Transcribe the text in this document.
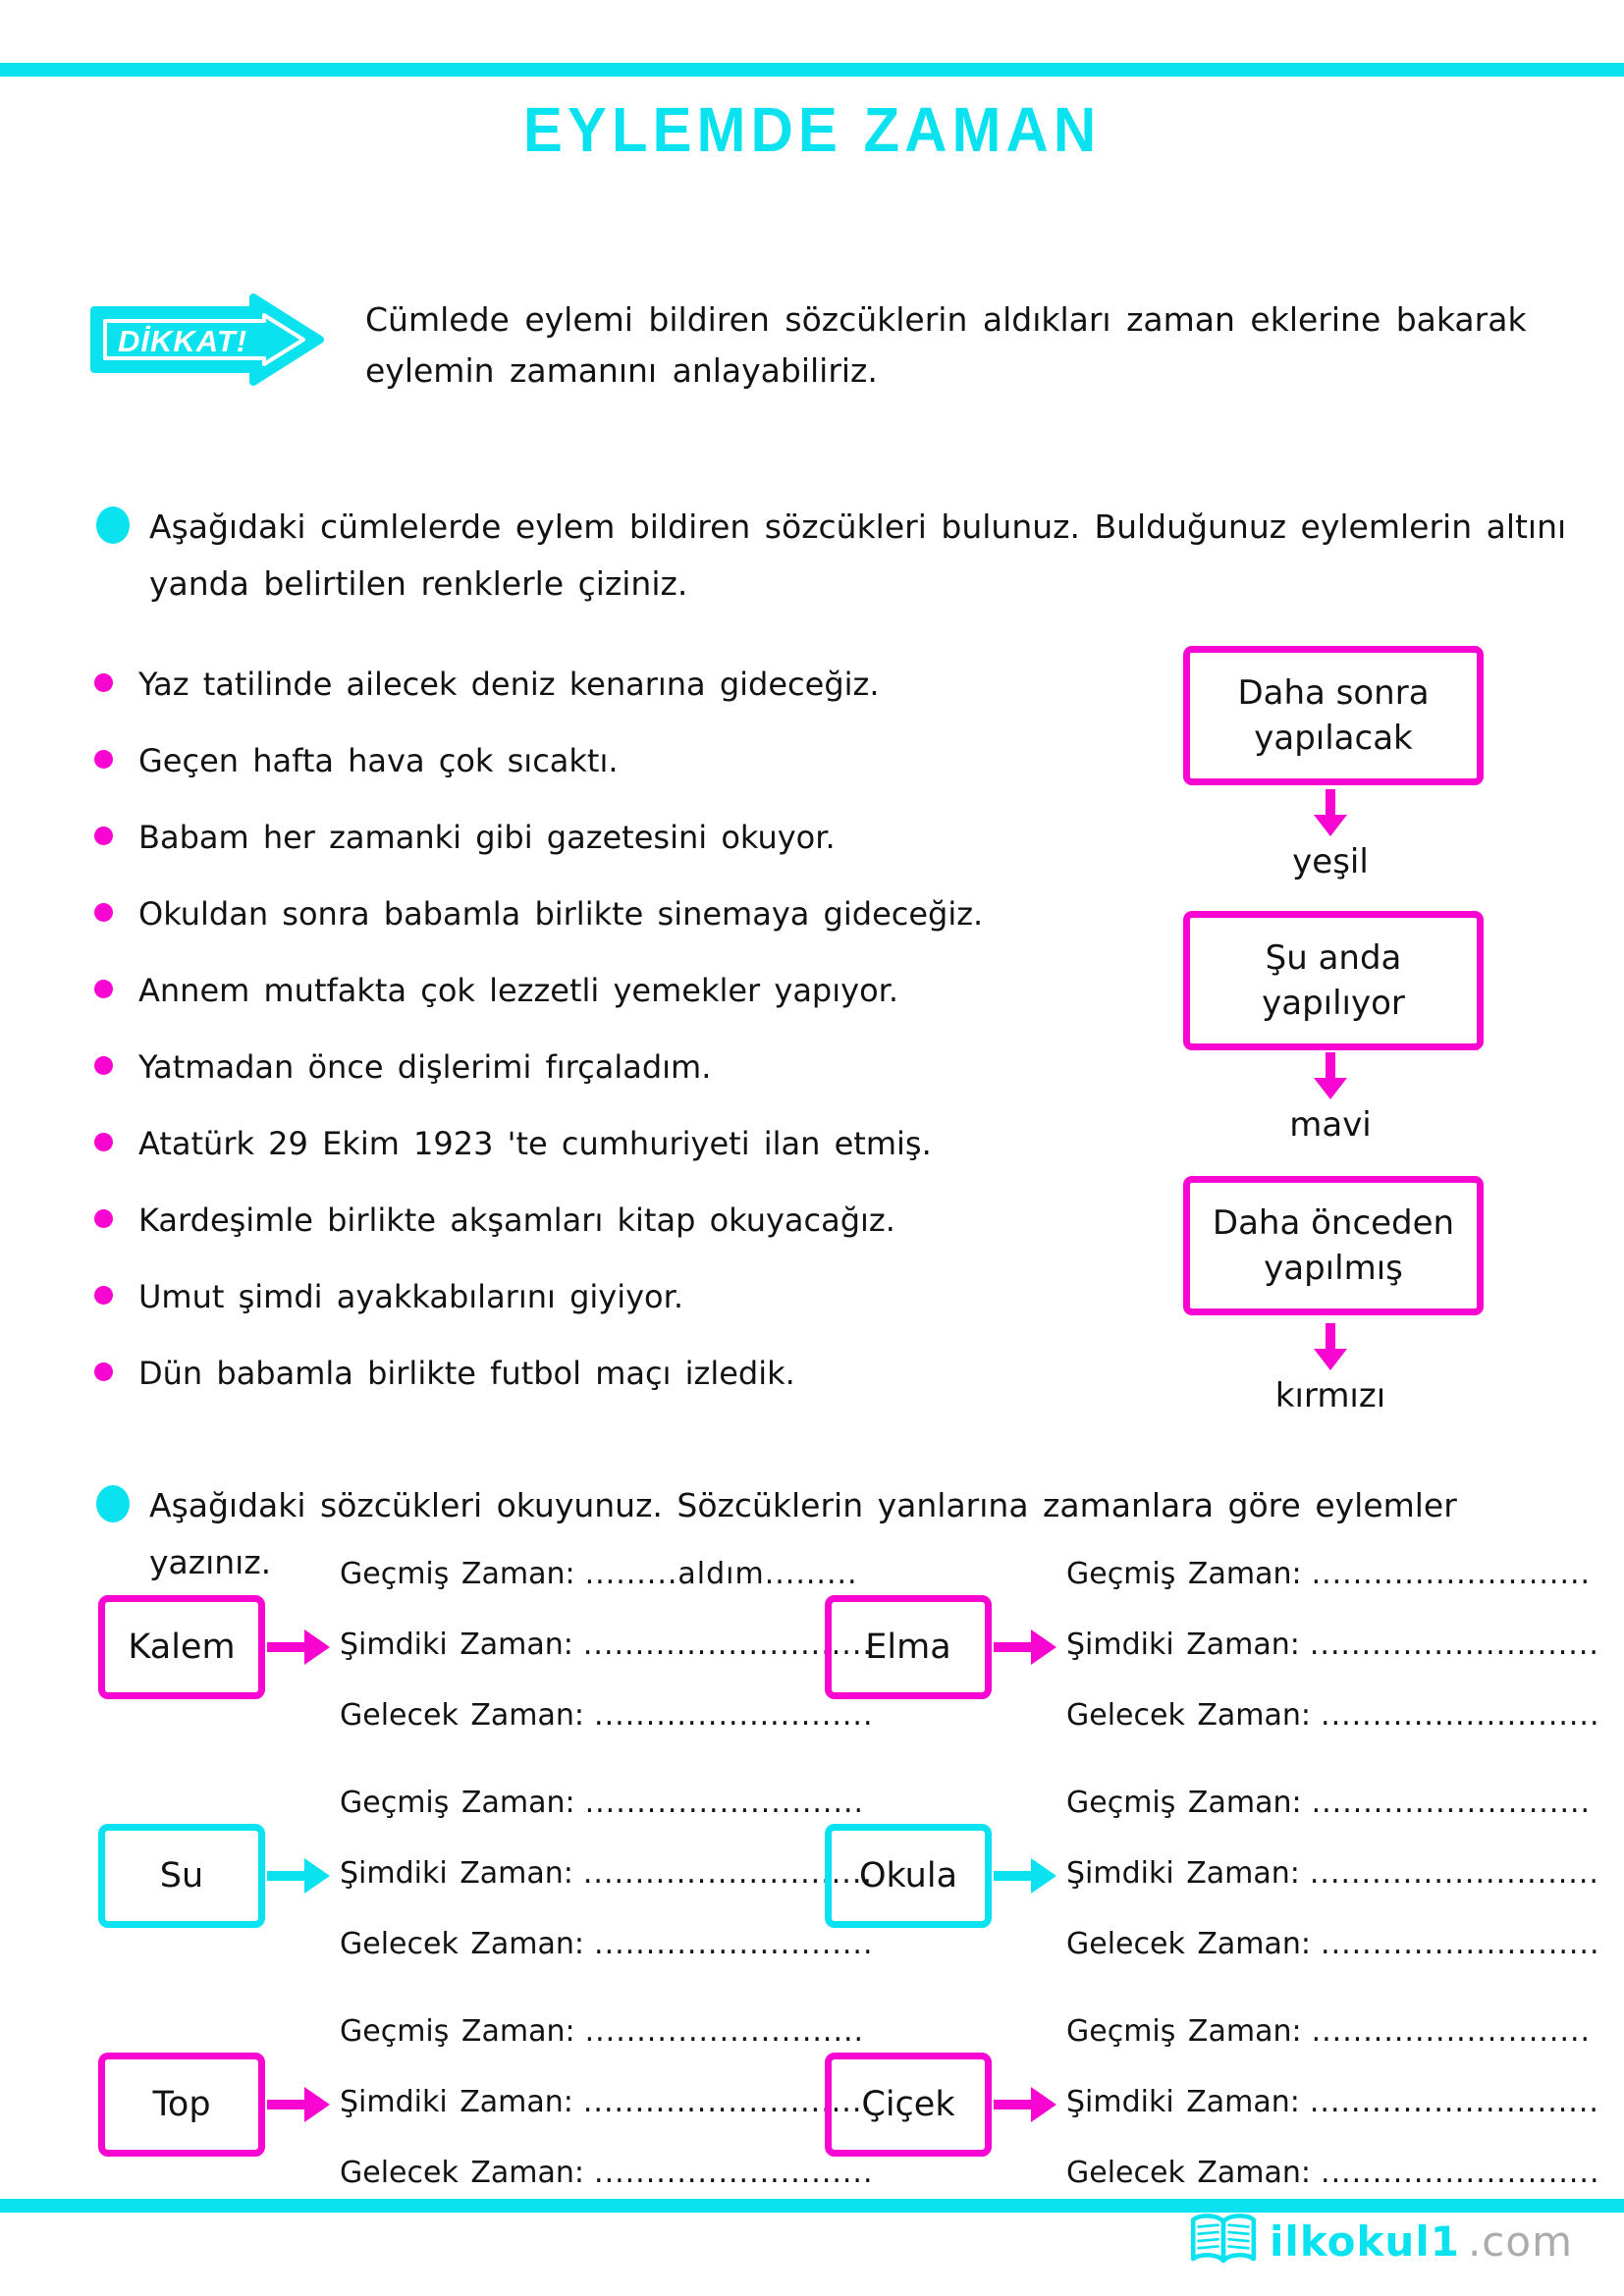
EYLEMDE ZAMAN
DİKKAT!
Cümlede eylemi bildiren sözcüklerin aldıkları zaman eklerine bakarak eylemin zamanını anlayabiliriz.
Aşağıdaki cümlelerde eylem bildiren sözcükleri bulunuz. Bulduğunuz eylemlerin altını yanda belirtilen renklerle çiziniz.
Yaz tatilinde ailecek deniz kenarına gideceğiz.
Geçen hafta hava çok sıcaktı.
Babam her zamanki gibi gazetesini okuyor.
Okuldan sonra babamla birlikte sinemaya gideceğiz.
Annem mutfakta çok lezzetli yemekler yapıyor.
Yatmadan önce dişlerimi fırçaladım.
Atatürk 29 Ekim 1923 'te cumhuriyeti ilan etmiş.
Kardeşimle birlikte akşamları kitap okuyacağız.
Umut şimdi ayakkabılarını giyiyor.
Dün babamla birlikte futbol maçı izledik.
Daha sonra yapılacak
yeşil
Şu anda yapılıyor
mavi
Daha önceden yapılmış
kırmızı
Aşağıdaki sözcükleri okuyunuz. Sözcüklerin yanlarına zamanlara göre eylemler yazınız.
Kalem
Geçmiş Zaman: .........aldım.........
Şimdiki Zaman: ............................
Gelecek Zaman: ...........................
Elma
Geçmiş Zaman: ...........................
Şimdiki Zaman: ............................
Gelecek Zaman: ...........................
Su
Geçmiş Zaman: ...........................
Şimdiki Zaman: ............................
Gelecek Zaman: ...........................
Okula
Geçmiş Zaman: ...........................
Şimdiki Zaman: ............................
Gelecek Zaman: ...........................
Top
Geçmiş Zaman: ...........................
Şimdiki Zaman: ............................
Gelecek Zaman: ...........................
Çiçek
Geçmiş Zaman: ...........................
Şimdiki Zaman: ............................
Gelecek Zaman: ...........................
ilkokul1 .com
